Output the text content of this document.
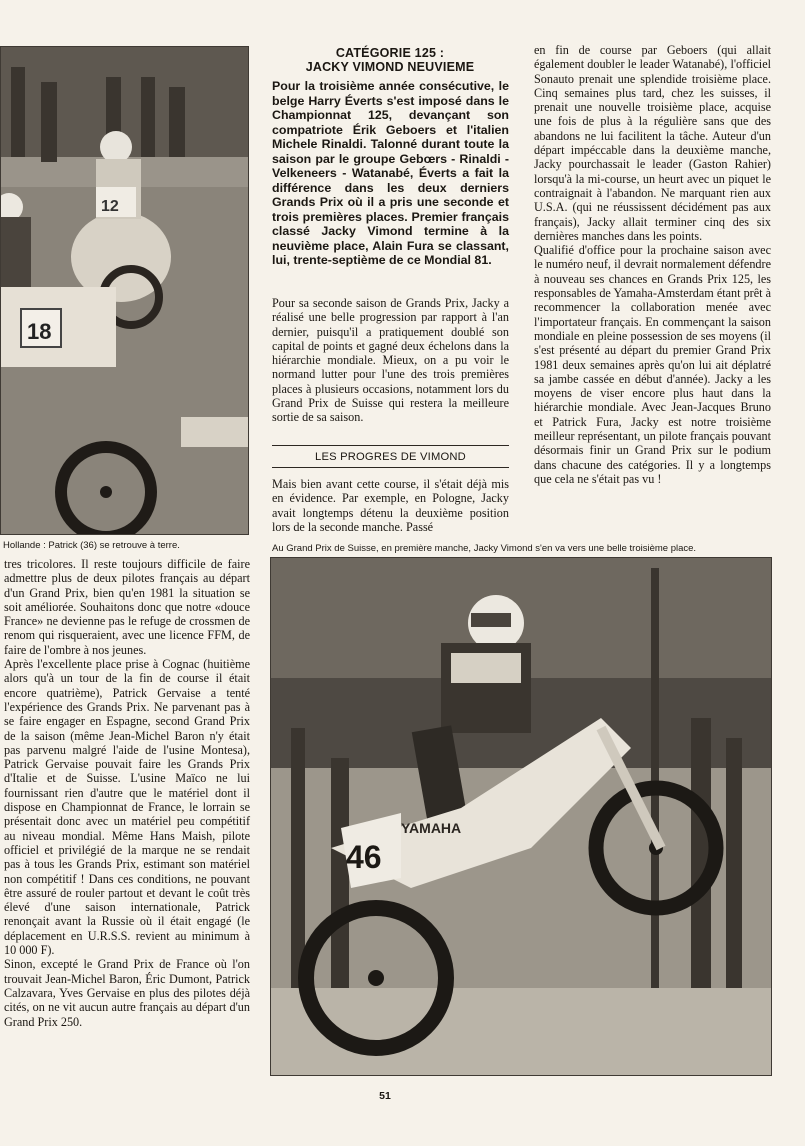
18
12
Hollande : Patrick (36) se retrouve à terre.
CATÉGORIE 125 :
JACKY VIMOND NEUVIEME
Pour la troisième année consécutive, le belge Harry Éverts s'est imposé dans le Championnat 125, devançant son compatriote Érik Geboers et l'italien Michele Rinaldi. Talonné durant toute la saison par le groupe Gebœrs - Rinaldi - Velkeneers - Watanabé, Éverts a fait la différence dans les deux derniers Grands Prix où il a pris une seconde et trois premières places. Premier français classé Jacky Vimond termine à la neuvième place, Alain Fura se classant, lui, trente-septième de ce Mondial 81.
Pour sa seconde saison de Grands Prix, Jacky a réalisé une belle progression par rapport à l'an dernier, puisqu'il a pratiquement doublé son capital de points et gagné deux échelons dans la hiérarchie mondiale. Mieux, on a pu voir le normand lutter pour l'une des trois premières places à plusieurs occasions, notamment lors du Grand Prix de Suisse qui restera la meilleure sortie de sa saison.
LES PROGRES DE VIMOND
Mais bien avant cette course, il s'était déjà mis en évidence. Par exemple, en Pologne, Jacky avait longtemps détenu la deuxième position lors de la seconde manche. Passé

en fin de course par Geboers (qui allait également doubler le leader Watanabé), l'officiel Sonauto prenait une splendide troisième place. Cinq semaines plus tard, chez les suisses, il prenait une nouvelle troisième place, acquise une fois de plus à la régulière sans que des abandons ne lui facilitent la tâche. Auteur d'un départ impéccable dans la deuxième manche, Jacky pourchassait le leader (Gaston Rahier) lorsqu'à la mi-course, un heurt avec un piquet le contraignait à l'abandon. Ne marquant rien aux U.S.A. (qui ne réussissent décidément pas aux français), Jacky allait terminer cinq des six dernières manches dans les points.

Qualifié d'office pour la prochaine saison avec le numéro neuf, il devrait normalement défendre à nouveau ses chances en Grands Prix 125, les responsables de Yamaha-Amsterdam étant prêt à recommencer la collaboration menée avec l'importateur français. En commençant la saison mondiale en pleine possession de ses moyens (il s'est présenté au départ du premier Grand Prix 1981 deux semaines après qu'on lui ait déplatré sa jambe cassée en début d'année). Jacky a les moyens de viser encore plus haut dans la hiérarchie mondiale. Avec Jean-Jacques Bruno et Patrick Fura, Jacky est notre troisième meilleur représentant, un pilote français pouvant désormais finir un Grand Prix sur le podium dans chacune des catégories. Il y a longtemps que cela ne s'était pas vu !

Au Grand Prix de Suisse, en première manche, Jacky Vimond s'en va vers une belle troisième place.
46
YAMAHA

tres tricolores. Il reste toujours difficile de faire admettre plus de deux pilotes français au départ d'un Grand Prix, bien qu'en 1981 la situation se soit améliorée. Souhaitons donc que notre «douce France» ne devienne pas le refuge de crossmen de renom qui risqueraient, avec une licence FFM, de faire de l'ombre à nos jeunes.

Après l'excellente place prise à Cognac (huitième alors qu'à un tour de la fin de course il était encore quatrième), Patrick Gervaise a tenté l'expérience des Grands Prix. Ne parvenant pas à se faire engager en Espagne, second Grand Prix de la saison (même Jean-Michel Baron n'y était pas parvenu malgré l'aide de l'usine Montesa), Patrick Gervaise pouvait faire les Grands Prix d'Italie et de Suisse. L'usine Maïco ne lui fournissant rien d'autre que le matériel dont il dispose en Championnat de France, le lorrain se présentait donc avec un matériel peu compétitif au niveau mondial. Même Hans Maish, pilote officiel et privilégié de la marque ne se rendait pas à tous les Grands Prix, estimant son matériel non compétitif ! Dans ces conditions, ne pouvant être assuré de rouler partout et devant le coût très élevé d'une saison internationale, Patrick renonçait avant la Russie où il était engagé (le déplacement en U.R.S.S. revient au minimum à 10 000 F).

Sinon, excepté le Grand Prix de France où l'on trouvait Jean-Michel Baron, Éric Dumont, Patrick Calzavara, Yves Gervaise en plus des pilotes déjà cités, on ne vit aucun autre français au départ d'un Grand Prix 250.

51
